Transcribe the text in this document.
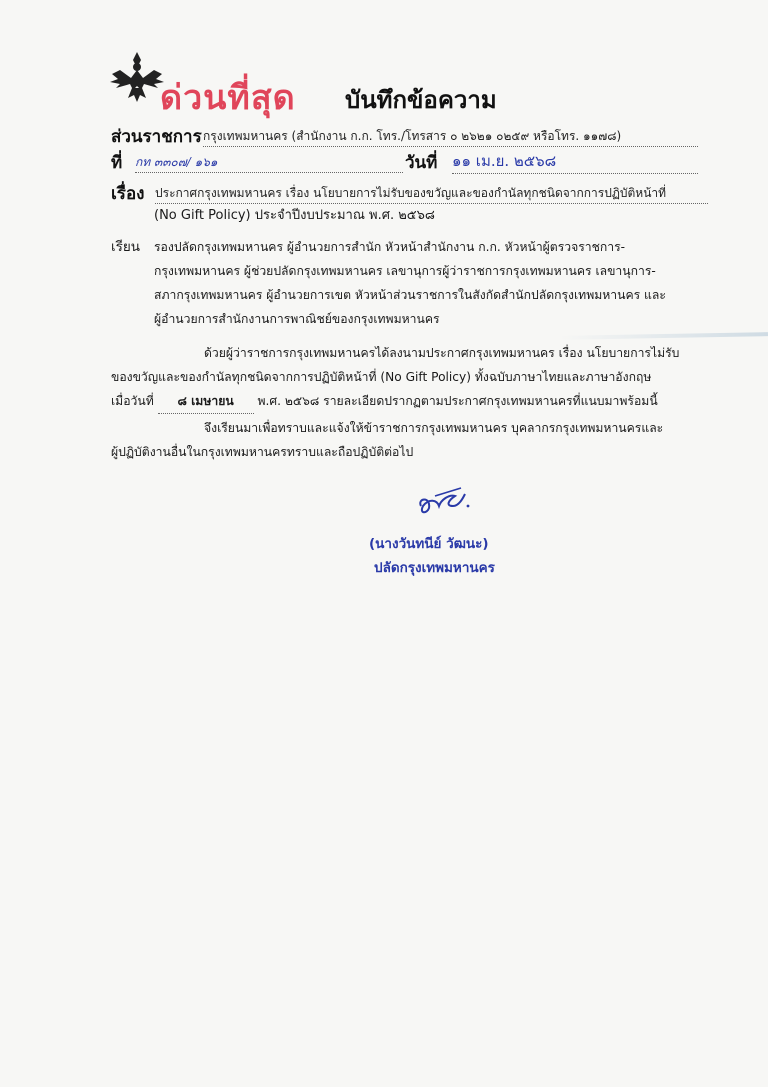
ด่วนที่สุด บันทึกข้อความ
ส่วนราชการ กรุงเทพมหานคร (สำนักงาน ก.ก. โทร./โทรสาร ๐ ๒๖๒๑ ๐๒๕๙ หรือโทร. ๑๑๗๘)
ที่ กท ๓๓๐๗/ ๑๖๑	วันที่ ๑๑ เม.ย. ๒๕๖๘
เรื่อง ประกาศกรุงเทพมหานคร เรื่อง นโยบายการไม่รับของขวัญและของกำนัลทุกชนิดจากการปฏิบัติหน้าที่
(No Gift Policy) ประจำปีงบประมาณ พ.ศ. ๒๕๖๘
เรียน รองปลัดกรุงเทพมหานคร ผู้อำนวยการสำนัก หัวหน้าสำนักงาน ก.ก. หัวหน้าผู้ตรวจราชการ-
กรุงเทพมหานคร ผู้ช่วยปลัดกรุงเทพมหานคร เลขานุการผู้ว่าราชการกรุงเทพมหานคร เลขานุการ-
สภากรุงเทพมหานคร ผู้อำนวยการเขต หัวหน้าส่วนราชการในสังกัดสำนักปลัดกรุงเทพมหานคร และ
ผู้อำนวยการสำนักงานการพาณิชย์ของกรุงเทพมหานคร
ด้วยผู้ว่าราชการกรุงเทพมหานครได้ลงนามประกาศกรุงเทพมหานคร เรื่อง นโยบายการไม่รับ
ของขวัญและของกำนัลทุกชนิดจากการปฏิบัติหน้าที่ (No Gift Policy) ทั้งฉบับภาษาไทยและภาษาอังกฤษ
เมื่อวันที่ ๘ เมษายน พ.ศ. ๒๕๖๘ รายละเอียดปรากฏตามประกาศกรุงเทพมหานครที่แนบมาพร้อมนี้
จึงเรียนมาเพื่อทราบและแจ้งให้ข้าราชการกรุงเทพมหานคร บุคลากรกรุงเทพมหานครและ
ผู้ปฏิบัติงานอื่นในกรุงเทพมหานครทราบและถือปฏิบัติต่อไป
(นางวันทนีย์ วัฒนะ)
ปลัดกรุงเทพมหานคร
